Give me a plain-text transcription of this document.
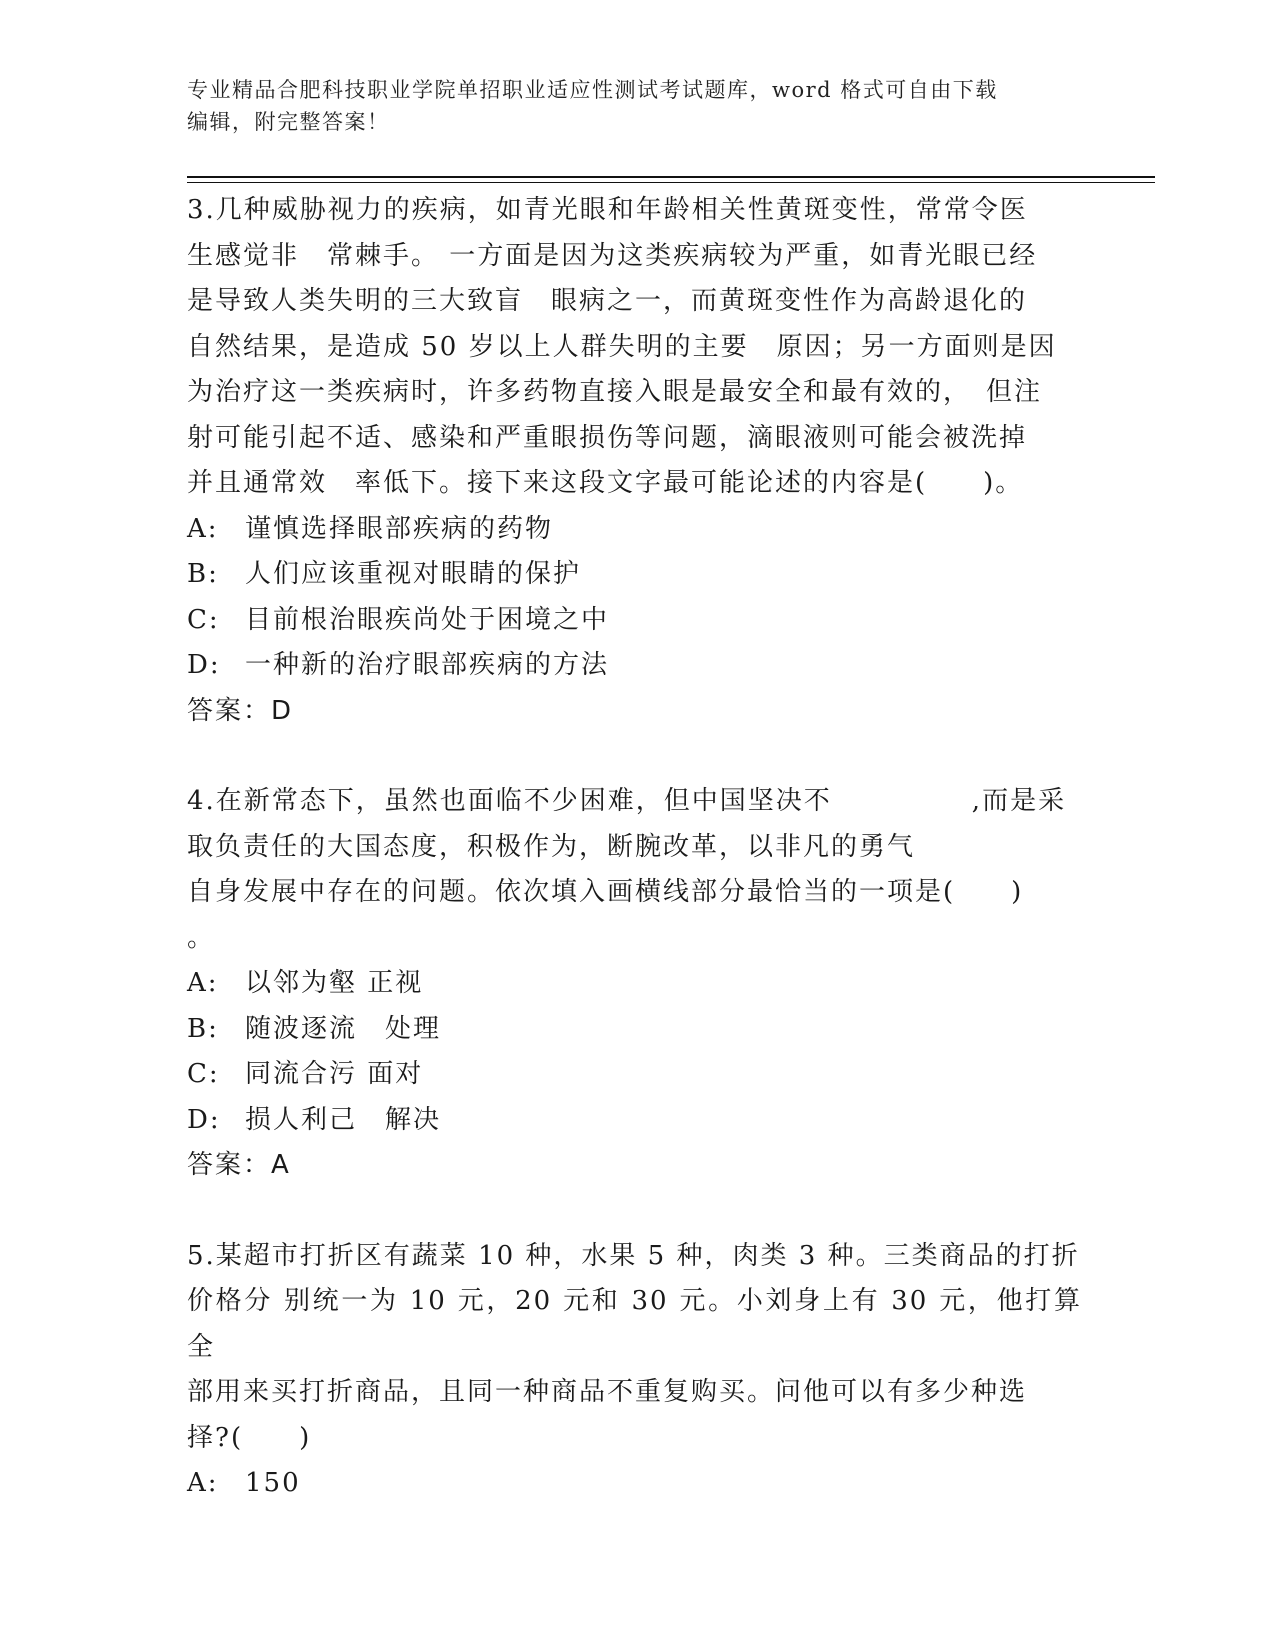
专业精品合肥科技职业学院单招职业适应性测试考试题库，word 格式可自由下载
编辑，附完整答案！
3.几种威胁视力的疾病，如青光眼和年龄相关性黄斑变性，常常令医
生感觉非　常棘手。 一方面是因为这类疾病较为严重，如青光眼已经
是导致人类失明的三大致盲　眼病之一，而黄斑变性作为高龄退化的
自然结果，是造成 50 岁以上人群失明的主要　原因；另一方面则是因
为治疗这一类疾病时，许多药物直接入眼是最安全和最有效的，　但注
射可能引起不适、感染和严重眼损伤等问题，滴眼液则可能会被洗掉
并且通常效　率低下。接下来这段文字最可能论述的内容是(　　)。
A:	谨慎选择眼部疾病的药物
B:	人们应该重视对眼睛的保护
C: 目前根治眼疾尚处于困境之中
D: 一种新的治疗眼部疾病的方法
答案：D
4.在新常态下，虽然也面临不少困难，但中国坚决不　　　　　,而是采
取负责任的大国态度，积极作为，断腕改革，以非凡的勇气
自身发展中存在的问题。依次填入画横线部分最恰当的一项是(　　)
。
A:	以邻为壑 正视
B:	随波逐流　处理
C: 同流合污 面对
D: 损人利己　解决
答案：A
5.某超市打折区有蔬菜 10 种，水果 5 种，肉类 3 种。三类商品的打折
价格分 别统一为 10 元，20 元和 30 元。小刘身上有 30 元，他打算全
部用来买打折商品，且同一种商品不重复购买。问他可以有多少种选
择?(　　)
A:	150
